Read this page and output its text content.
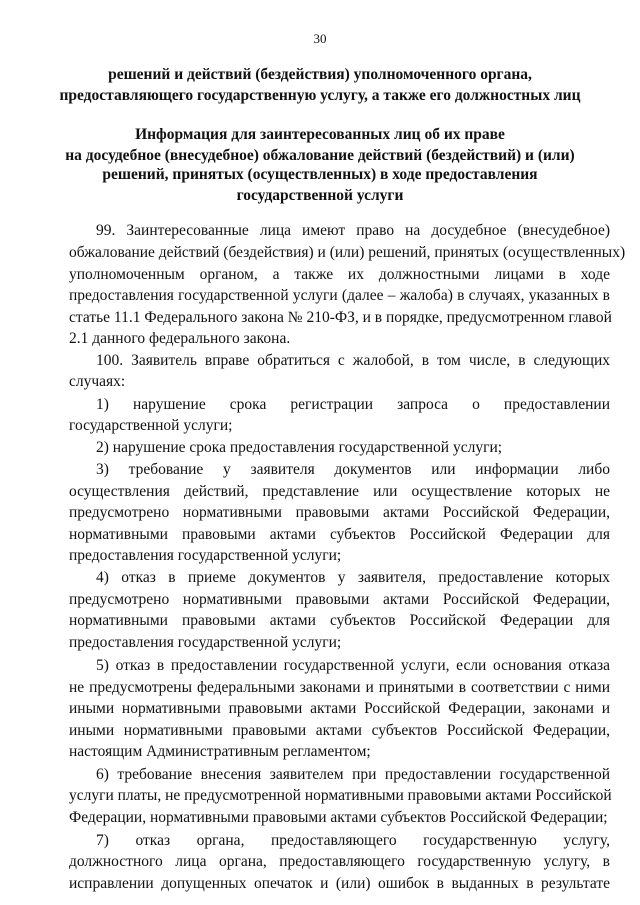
30
решений и действий (бездействия) уполномоченного органа,
предоставляющего государственную услугу, а также его должностных лиц
Информация для заинтересованных лиц об их праве
на досудебное (внесудебное) обжалование действий (бездействий) и (или)
решений, принятых (осуществленных) в ходе предоставления
государственной услуги
99. Заинтересованные лица имеют право на досудебное (внесудебное)
обжалование действий (бездействия) и (или) решений, принятых (осуществленных)
уполномоченным органом, а также их должностными лицами в ходе
предоставления государственной услуги (далее – жалоба) в случаях, указанных в
статье 11.1 Федерального закона № 210-ФЗ, и в порядке, предусмотренном главой
2.1 данного федерального закона.
100. Заявитель вправе обратиться с жалобой, в том числе, в следующих
случаях:
1) нарушение срока регистрации запроса о предоставлении
государственной услуги;
2) нарушение срока предоставления государственной услуги;
3) требование у заявителя документов или информации либо
осуществления действий, представление или осуществление которых не
предусмотрено нормативными правовыми актами Российской Федерации,
нормативными правовыми актами субъектов Российской Федерации для
предоставления государственной услуги;
4) отказ в приеме документов у заявителя, предоставление которых
предусмотрено нормативными правовыми актами Российской Федерации,
нормативными правовыми актами субъектов Российской Федерации для
предоставления государственной услуги;
5) отказ в предоставлении государственной услуги, если основания отказа
не предусмотрены федеральными законами и принятыми в соответствии с ними
иными нормативными правовыми актами Российской Федерации, законами и
иными нормативными правовыми актами субъектов Российской Федерации,
настоящим Административным регламентом;
6) требование внесения заявителем при предоставлении государственной
услуги платы, не предусмотренной нормативными правовыми актами Российской
Федерации, нормативными правовыми актами субъектов Российской Федерации;
7) отказ органа, предоставляющего государственную услугу,
должностного лица органа, предоставляющего государственную услугу, в
исправлении допущенных опечаток и (или) ошибок в выданных в результате
